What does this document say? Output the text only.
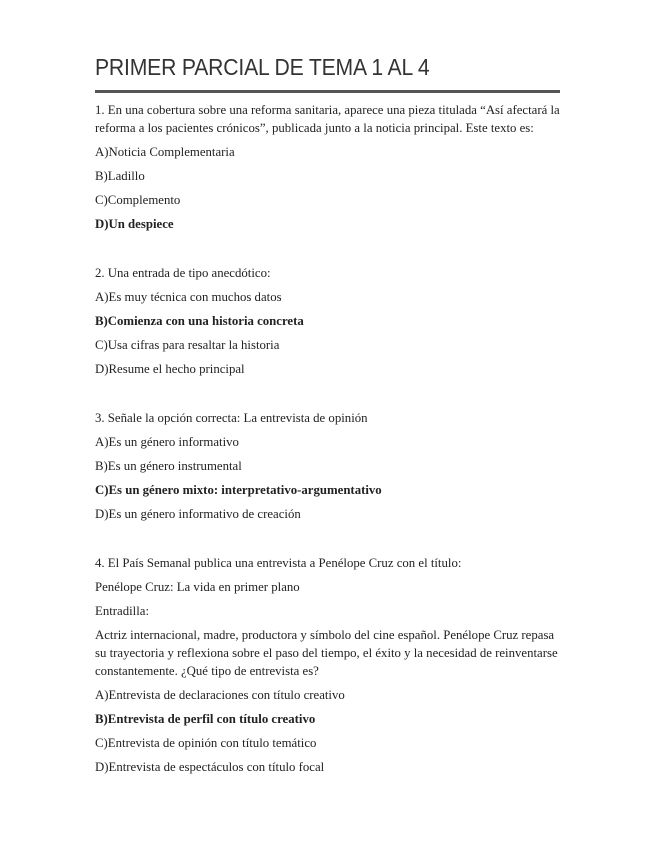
PRIMER PARCIAL DE TEMA 1 AL 4

1. En una cobertura sobre una reforma sanitaria, aparece una pieza titulada “Así afectará la reforma a los pacientes crónicos”, publicada junto a la noticia principal. Este texto es:

A)Noticia Complementaria

B)Ladillo

C)Complemento

D)Un despiece

2. Una entrada de tipo anecdótico:

A)Es muy técnica con muchos datos

B)Comienza con una historia concreta

C)Usa cifras para resaltar la historia

D)Resume el hecho principal

3. Señale la opción correcta: La entrevista de opinión

A)Es un género informativo

B)Es un género instrumental

C)Es un género mixto: interpretativo-argumentativo

D)Es un género informativo de creación

4. El País Semanal publica una entrevista a Penélope Cruz con el título:

Penélope Cruz: La vida en primer plano

Entradilla:

Actriz internacional, madre, productora y símbolo del cine español. Penélope Cruz repasa su trayectoria y reflexiona sobre el paso del tiempo, el éxito y la necesidad de reinventarse constantemente. ¿Qué tipo de entrevista es?

A)Entrevista de declaraciones con título creativo

B)Entrevista de perfil con título creativo

C)Entrevista de opinión con título temático

D)Entrevista de espectáculos con título focal
